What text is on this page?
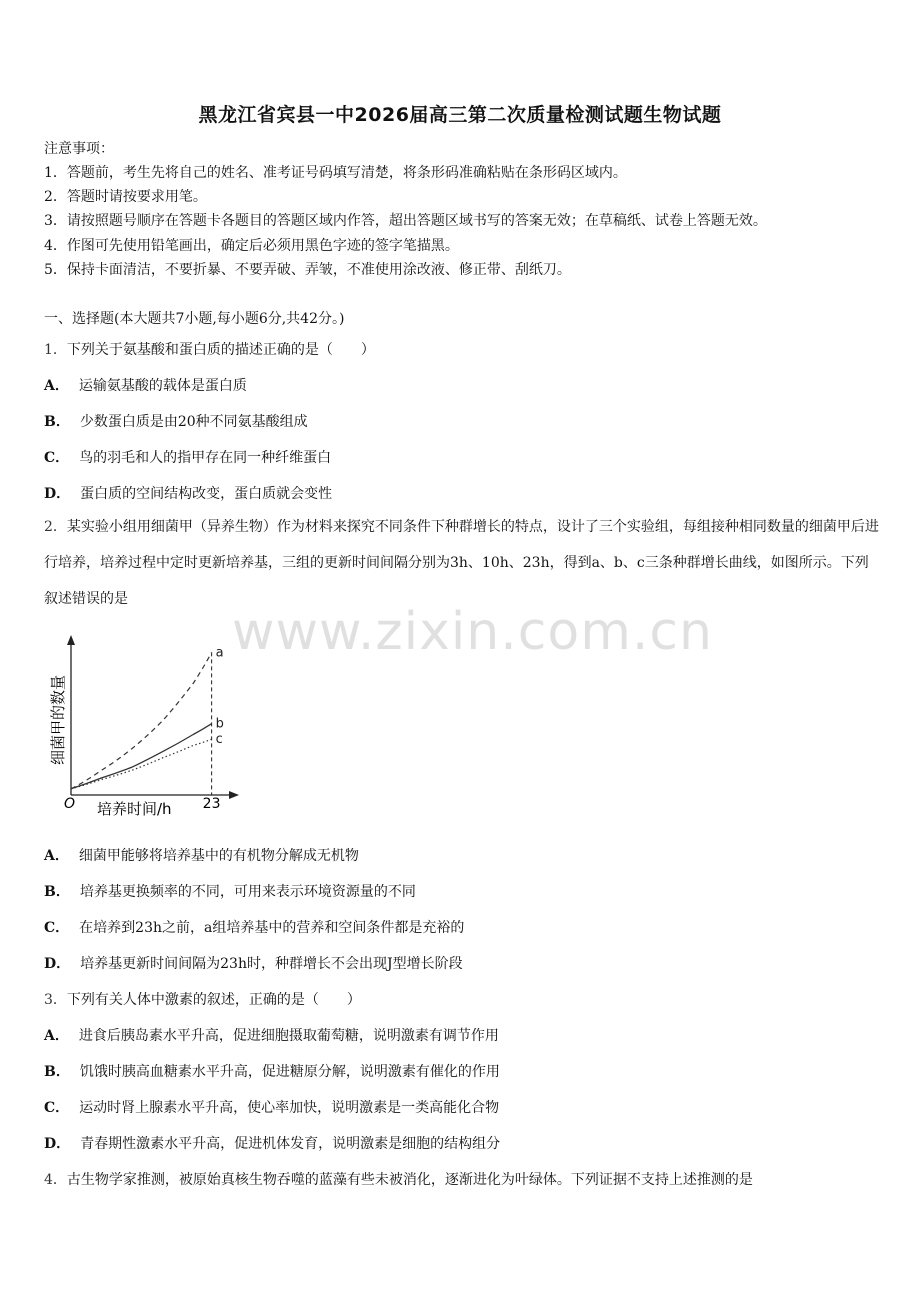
www.zixin.com.cn
黑龙江省宾县一中2026届高三第二次质量检测试题生物试题
注意事项：
1．答题前，考生先将自己的姓名、准考证号码填写清楚，将条形码准确粘贴在条形码区域内。
2．答题时请按要求用笔。
3．请按照题号顺序在答题卡各题目的答题区域内作答，超出答题区域书写的答案无效；在草稿纸、试卷上答题无效。
4．作图可先使用铅笔画出，确定后必须用黑色字迹的签字笔描黑。
5．保持卡面清洁，不要折暴、不要弄破、弄皱，不准使用涂改液、修正带、刮纸刀。
一、选择题(本大题共7小题,每小题6分,共42分。)
1．下列关于氨基酸和蛋白质的描述正确的是（　　）
A． 运输氨基酸的载体是蛋白质
B． 少数蛋白质是由20种不同氨基酸组成
C． 鸟的羽毛和人的指甲存在同一种纤维蛋白
D． 蛋白质的空间结构改变，蛋白质就会变性

2．某实验小组用细菌甲（异养生物）作为材料来探究不同条件下种群增长的特点，设计了三个实验组，每组接种相同数量的细菌甲后进行培养，培养过程中定时更新培养基，三组的更新时间间隔分别为3h、10h、23h，得到a、b、c三条种群增长曲线，如图所示。下列叙述错误的是

a
b
c
O 培养时间/h 23
细菌甲的数量
A． 细菌甲能够将培养基中的有机物分解成无机物
B． 培养基更换频率的不同，可用来表示环境资源量的不同
C． 在培养到23h之前，a组培养基中的营养和空间条件都是充裕的
D． 培养基更新时间间隔为23h时，种群增长不会出现J型增长阶段
3．下列有关人体中激素的叙述，正确的是（　　）
A． 进食后胰岛素水平升高，促进细胞摄取葡萄糖，说明激素有调节作用
B． 饥饿时胰高血糖素水平升高，促进糖原分解，说明激素有催化的作用
C． 运动时肾上腺素水平升高，使心率加快，说明激素是一类高能化合物
D． 青春期性激素水平升高，促进机体发育，说明激素是细胞的结构组分
4．古生物学家推测，被原始真核生物吞噬的蓝藻有些未被消化，逐渐进化为叶绿体。下列证据不支持上述推测的是
